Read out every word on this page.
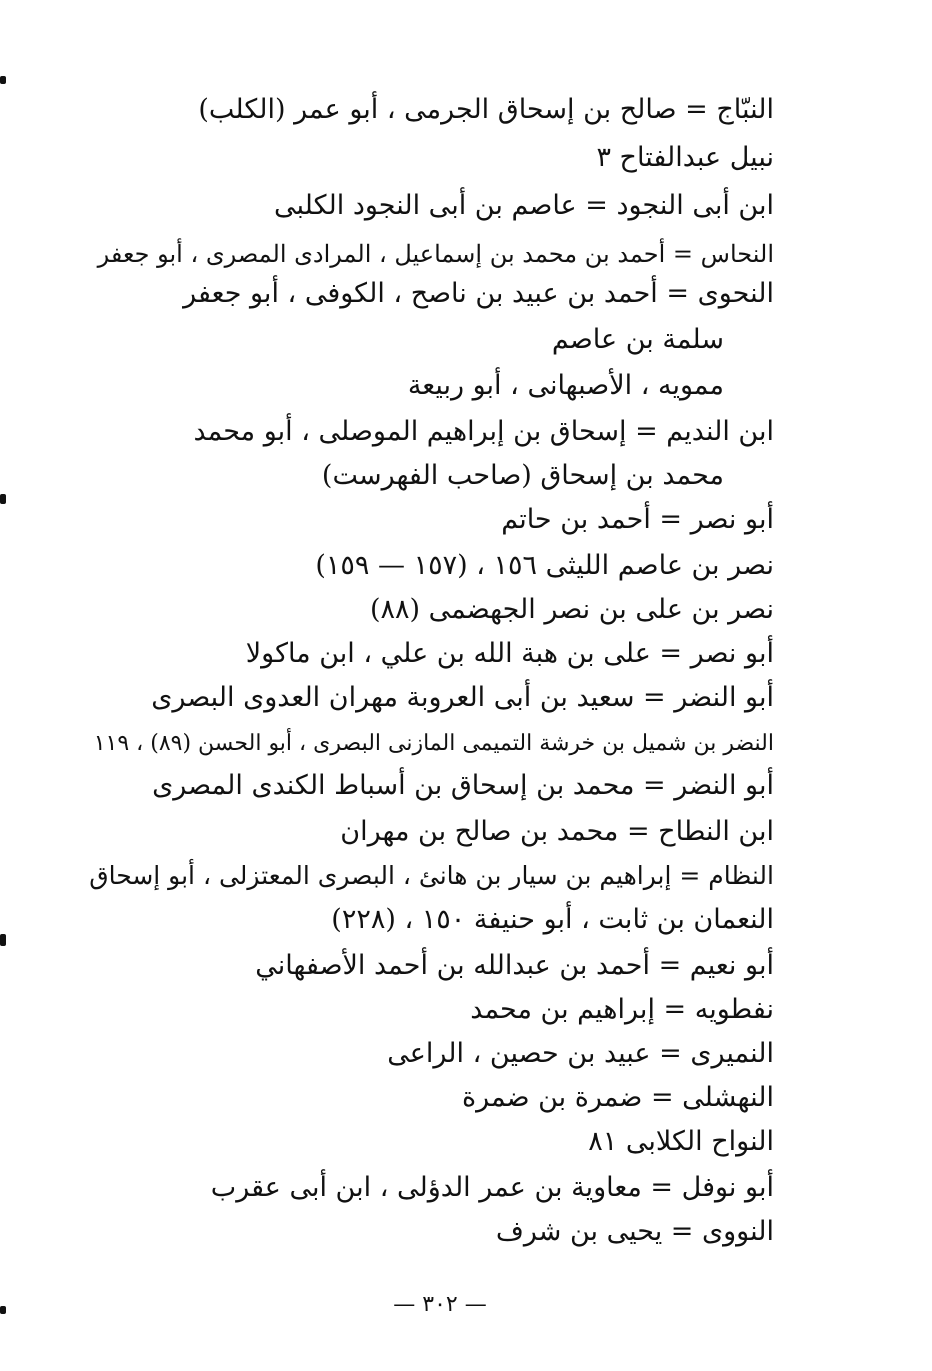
النبّاج = صالح بن إسحاق الجرمى ، أبو عمر (الكلب)
نبيل عبدالفتاح ٣
ابن أبى النجود = عاصم بن أبى النجود الكلبى
النحاس = أحمد بن محمد بن إسماعيل ، المرادى المصرى ، أبو جعفر
النحوى = أحمد بن عبيد بن ناصح ، الكوفى ، أبو جعفر
سلمة بن عاصم
ممويه ، الأصبهانى ، أبو ربيعة
ابن النديم = إسحاق بن إبراهيم الموصلى ، أبو محمد
محمد بن إسحاق (صاحب الفهرست)
أبو نصر = أحمد بن حاتم
نصر بن عاصم الليثى ١٥٦ ، (١٥٧ — ١٥٩)
نصر بن على بن نصر الجهضمى (٨٨)
أبو نصر = على بن هبة الله بن علي ، ابن ماكولا
أبو النضر = سعيد بن أبى العروبة مهران العدوى البصرى
النضر بن شميل بن خرشة التميمى المازنى البصرى ، أبو الحسن (٨٩) ، ١١٩
أبو النضر = محمد بن إسحاق بن أسباط الكندى المصرى
ابن النطاح = محمد بن صالح بن مهران
النظام = إبراهيم بن سيار بن هانئ ، البصرى المعتزلى ، أبو إسحاق
النعمان بن ثابت ، أبو حنيفة ١٥٠ ، (٢٢٨)
أبو نعيم = أحمد بن عبدالله بن أحمد الأصفهاني
نفطويه = إبراهيم بن محمد
النميرى = عبيد بن حصين ، الراعى
النهشلى = ضمرة بن ضمرة
النواح الكلابى ٨١
أبو نوفل = معاوية بن عمر الدؤلى ، ابن أبى عقرب
النووى = يحيى بن شرف
— ٣٠٢ —
